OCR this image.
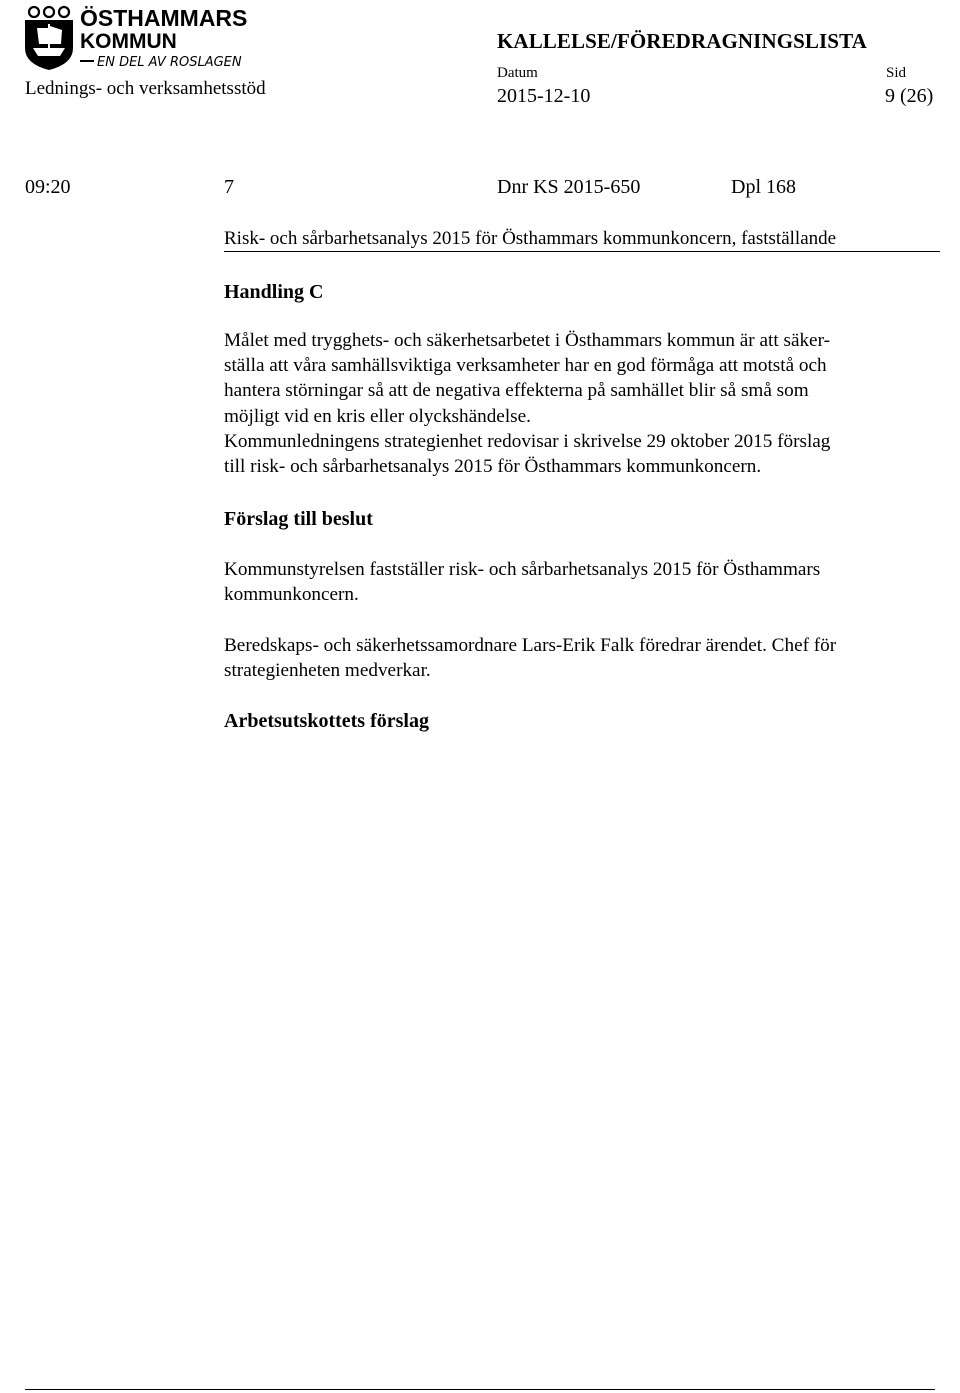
ÖSTHAMMARS
KOMMUN
EN DEL AV ROSLAGEN
Lednings- och verksamhetsstöd
KALLELSE/FÖREDRAGNINGSLISTA
Datum
2015-12-10
Sid
9 (26)
09:20	7	Dnr KS 2015-650	Dpl 168
Risk- och sårbarhetsanalys 2015 för Östhammars kommunkoncern, fastställande
Handling C
Målet med trygghets- och säkerhetsarbetet i Östhammars kommun är att säker-
ställa att våra samhällsviktiga verksamheter har en god förmåga att motstå och
hantera störningar så att de negativa effekterna på samhället blir så små som
möjligt vid en kris eller olyckshändelse.
Kommunledningens strategienhet redovisar i skrivelse 29 oktober 2015 förslag
till risk- och sårbarhetsanalys 2015 för Östhammars kommunkoncern.
Förslag till beslut
Kommunstyrelsen fastställer risk- och sårbarhetsanalys 2015 för Östhammars
kommunkoncern.
Beredskaps- och säkerhetssamordnare Lars-Erik Falk föredrar ärendet. Chef för
strategienheten medverkar.
Arbetsutskottets förslag
